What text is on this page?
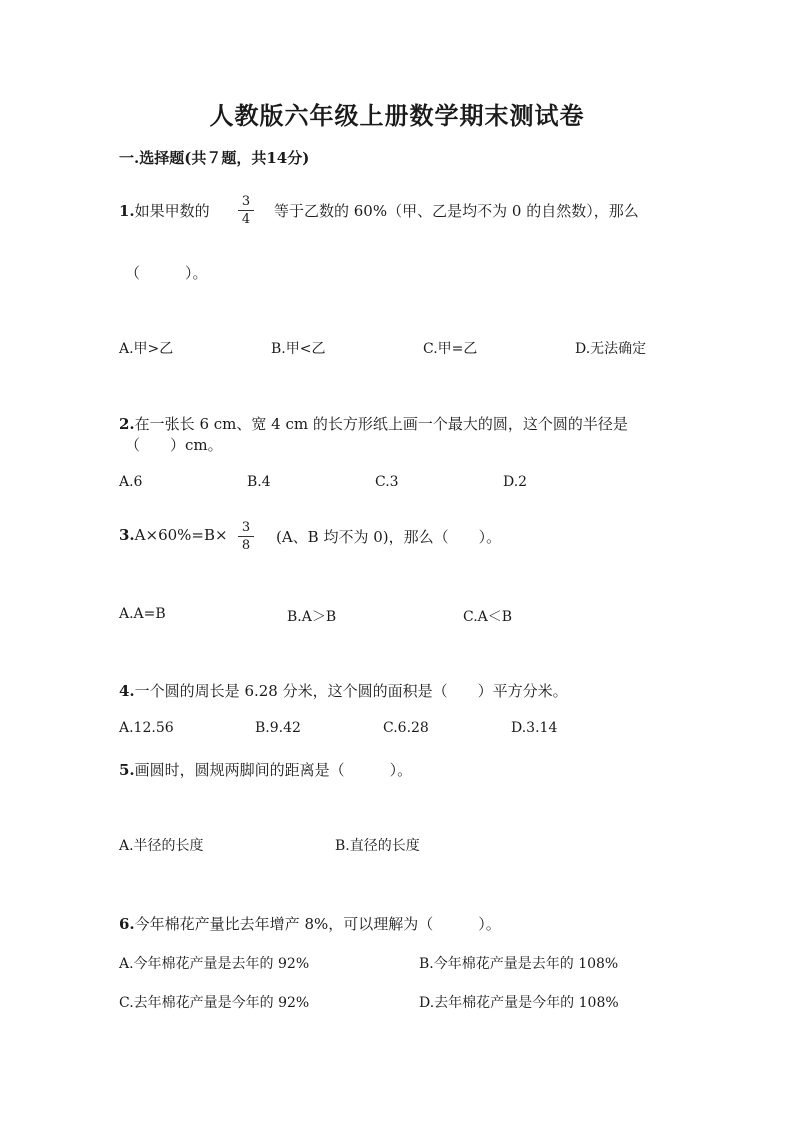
人教版六年级上册数学期末测试卷
一.选择题(共７题，共14分)
1.如果甲数的
3
4	等于乙数的 60%（甲、乙是均不为 0 的自然数），那么
（　　　）。
A.甲>乙	B.甲<乙	C.甲=乙	D.无法确定
2.在一张长 6 cm、宽 4 cm 的长方形纸上画一个最大的圆，这个圆的半径是
（　　）cm。
A.6	B.4	C.3	D.2
3.A×60%=B×	3
8	(A、B 均不为 0)，那么（　　）。
A.A=B	B.A＞B	C.A＜B
4.一个圆的周长是 6.28 分米，这个圆的面积是（　　）平方分米。
A.12.56	B.9.42	C.6.28	D.3.14
5.画圆时，圆规两脚间的距离是（　　　）。
A.半径的长度	B.直径的长度
6.今年棉花产量比去年增产 8%，可以理解为（　　　）。
A.今年棉花产量是去年的 92%	B.今年棉花产量是去年的 108%
C.去年棉花产量是今年的 92%	D.去年棉花产量是今年的 108%
